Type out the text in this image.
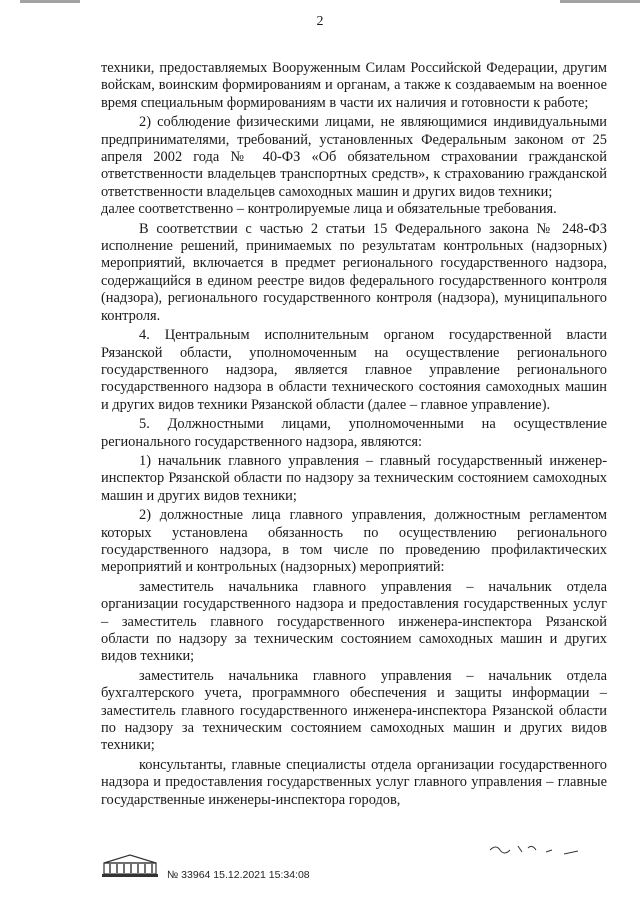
2

техники, предоставляемых Вооруженным Силам Российской Федерации, другим войскам, воинским формированиям и органам, а также к создаваемым на военное время специальным формированиям в части их наличия и готовности к работе;

2) соблюдение физическими лицами, не являющимися индивидуальными предпринимателями, требований, установленных Федеральным законом от 25 апреля 2002 года № 40-ФЗ «Об обязательном страховании гражданской ответственности владельцев транспортных средств», к страхованию гражданской ответственности владельцев самоходных машин и других видов техники;

далее соответственно – контролируемые лица и обязательные требования.

В соответствии с частью 2 статьи 15 Федерального закона № 248-ФЗ исполнение решений, принимаемых по результатам контрольных (надзорных) мероприятий, включается в предмет регионального государственного надзора, содержащийся в едином реестре видов федерального государственного контроля (надзора), регионального государственного контроля (надзора), муниципального контроля.

4. Центральным исполнительным органом государственной власти Рязанской области, уполномоченным на осуществление регионального государственного надзора, является главное управление регионального государственного надзора в области технического состояния самоходных машин и других видов техники Рязанской области (далее – главное управление).

5. Должностными лицами, уполномоченными на осуществление регионального государственного надзора, являются:

1) начальник главного управления – главный государственный инженер-инспектор Рязанской области по надзору за техническим состоянием самоходных машин и других видов техники;

2) должностные лица главного управления, должностным регламентом которых установлена обязанность по осуществлению регионального государственного надзора, в том числе по проведению профилактических мероприятий и контрольных (надзорных) мероприятий:

заместитель начальника главного управления – начальник отдела организации государственного надзора и предоставления государственных услуг – заместитель главного государственного инженера-инспектора Рязанской области по надзору за техническим состоянием самоходных машин и других видов техники;

заместитель начальника главного управления – начальник отдела бухгалтерского учета, программного обеспечения и защиты информации – заместитель главного государственного инженера-инспектора Рязанской области по надзору за техническим состоянием самоходных машин и других видов техники;

консультанты, главные специалисты отдела организации государственного надзора и предоставления государственных услуг главного управления – главные государственные инженеры-инспектора городов,

№ 33964 15.12.2021 15:34:08
